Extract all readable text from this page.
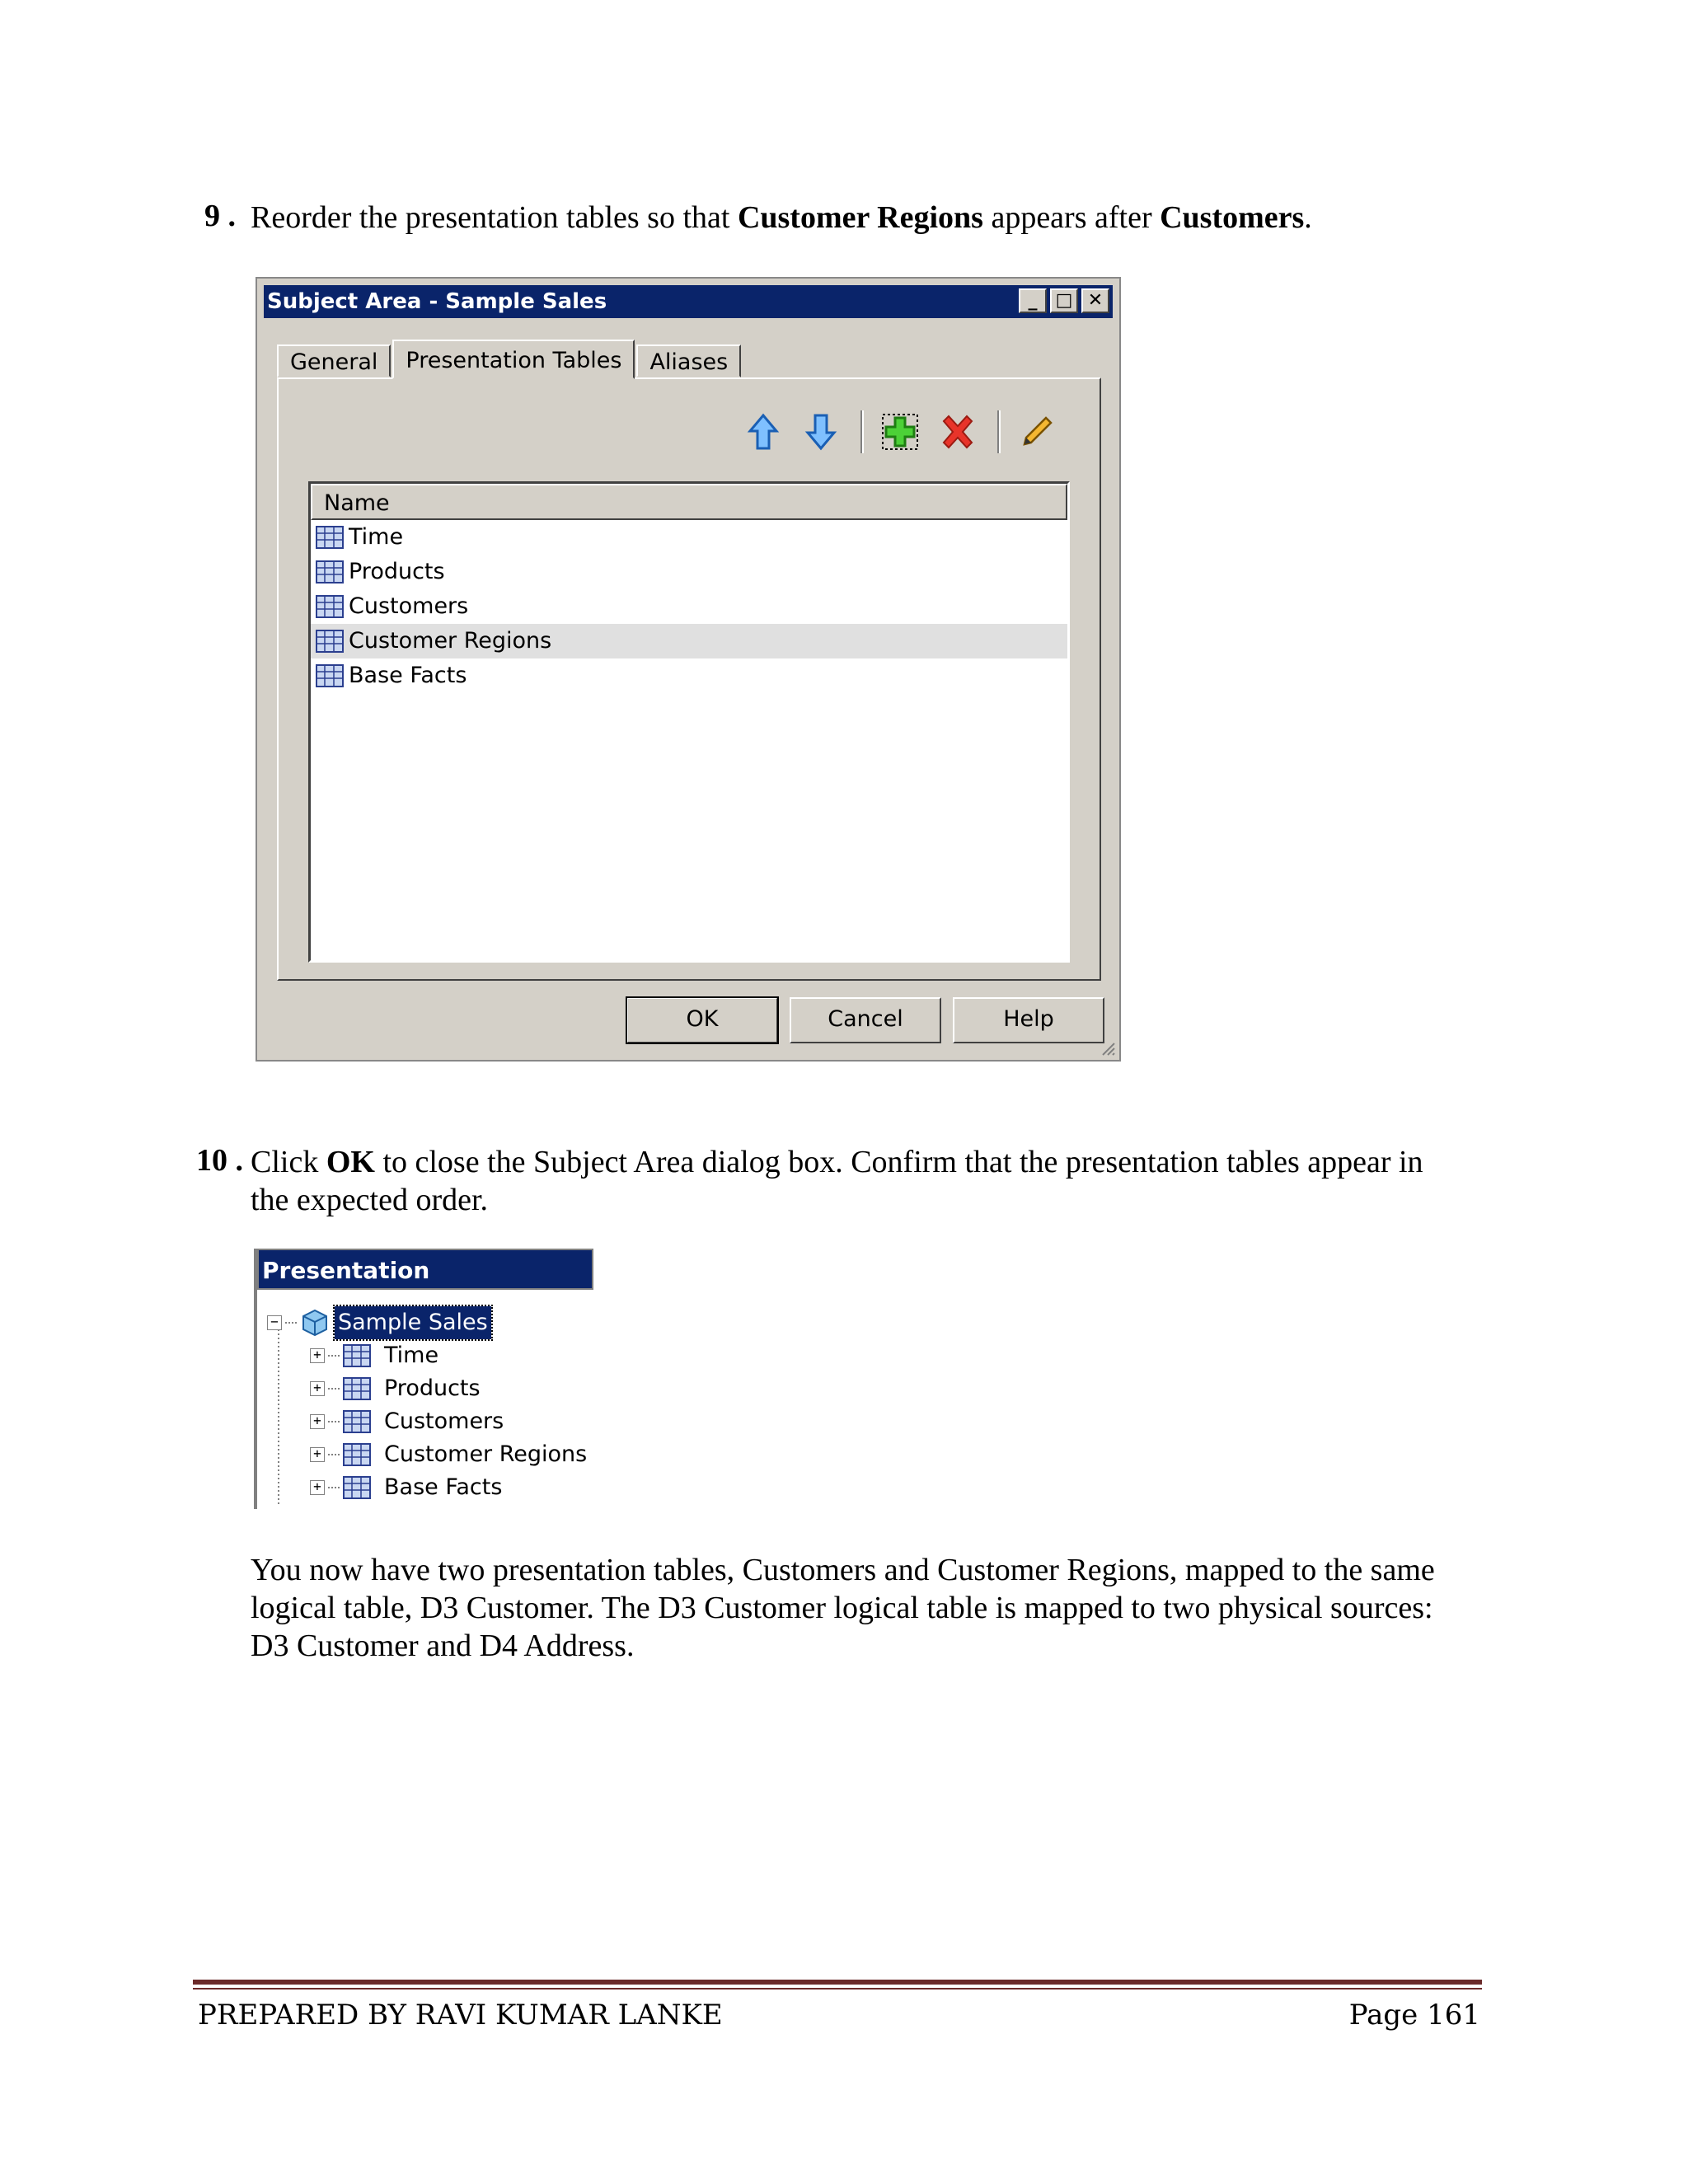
9 . Reorder the presentation tables so that Customer Regions appears after Customers.
Subject Area - Sample Sales	_	□ ✕
General	Presentation Tables	Aliases
Name
Time
Products
Customers
Customer Regions
Base Facts
OK	Cancel	Help
10 . Click OK to close the Subject Area dialog box. Confirm that the presentation tables appear in
the expected order.
Presentation
−	Sample Sales
+	Time
+	Products
+	Customers
+	Customer Regions
+	Base Facts
You now have two presentation tables, Customers and Customer Regions, mapped to the same
logical table, D3 Customer. The D3 Customer logical table is mapped to two physical sources:
D3 Customer and D4 Address.
PREPARED BY RAVI KUMAR LANKE	Page 161
